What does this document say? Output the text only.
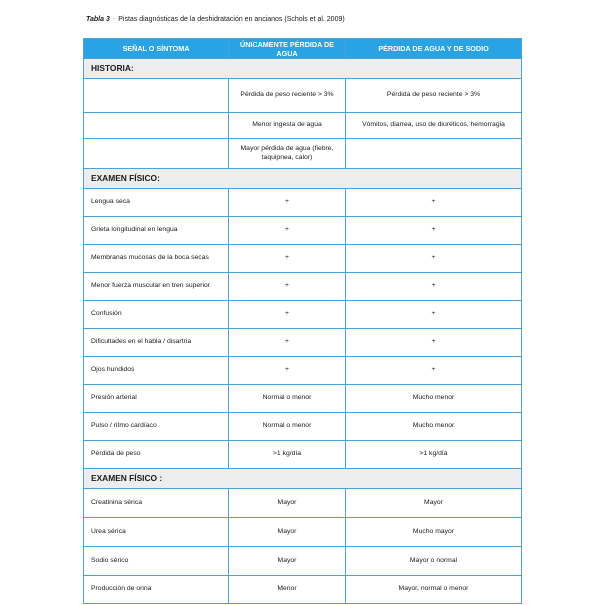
Tabla 3 - Pistas diagnósticas de la deshidratación en ancianos (Schols et al. 2009)
SEÑAL O SÍNTOMA	ÚNICAMENTE PÉRDIDA DE AGUA	PÉRDIDA DE AGUA Y DE SODIO
HISTORIA:		
	Pérdida de peso reciente > 3%	Pérdida de peso reciente > 3%
	Menor ingesta de agua	Vómitos, diarrea, uso de diuréticos, hemorragia
	Mayor pérdida de agua (fiebre, taquipnea, calor)	
EXAMEN FÍSICO:		
Lengua seca	+	+
Grieta longitudinal en lengua	+	+
Membranas mucosas de la boca secas	+	+
Menor fuerza muscular en tren superior	+	+
Confusión	+	+
Dificultades en el habla / disartria	+	+
Ojos hundidos	+	+
Presión arterial	Normal o menor	Mucho menor
Pulso / ritmo cardíaco	Normal o menor	Mucho menor
Pérdida de peso	>1 kg/día	>1 kg/día
EXAMEN FÍSICO :		
Creatinina sérica	Mayor	Mayor
Urea sérica	Mayor	Mucho mayor
Sodio sérico	Mayor	Mayor o normal
Producción de orina	Menor	Mayor, normal o menor
